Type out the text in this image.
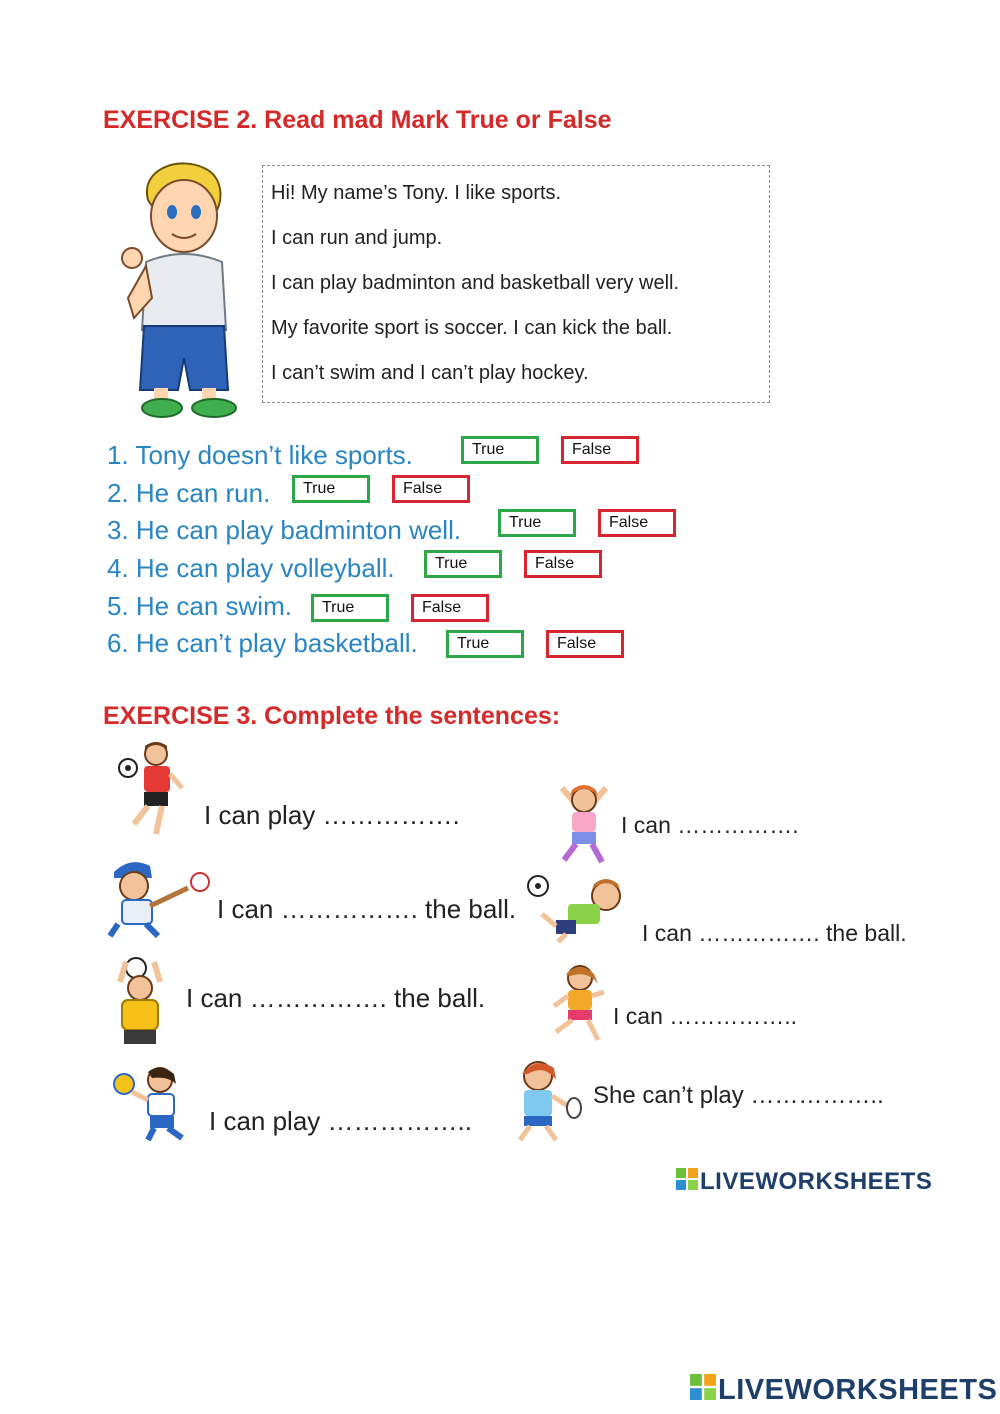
EXERCISE 2. Read mad Mark True or False
Hi! My name’s Tony. I like sports.
I can run and jump.
I can play badminton and basketball very well.
My favorite sport is soccer. I can kick the ball.
I can’t swim and I can’t play hockey.
1. Tony doesn’t like sports.	True	False
2. He can run.	True	False
3. He can play badminton well.	True	False
4. He can play volleyball.	True	False
5. He can swim.	True	False
6. He can’t play basketball.	True	False
EXERCISE 3. Complete the sentences:
I can play …………….
I can ……………. the ball.
I can ……………. the ball.
I can play ……………..
I can …………….
I can ……………. the ball.
I can ……………..
She can’t play ……………..
LIVEWORKSHEETS
LIVEWORKSHEETS
